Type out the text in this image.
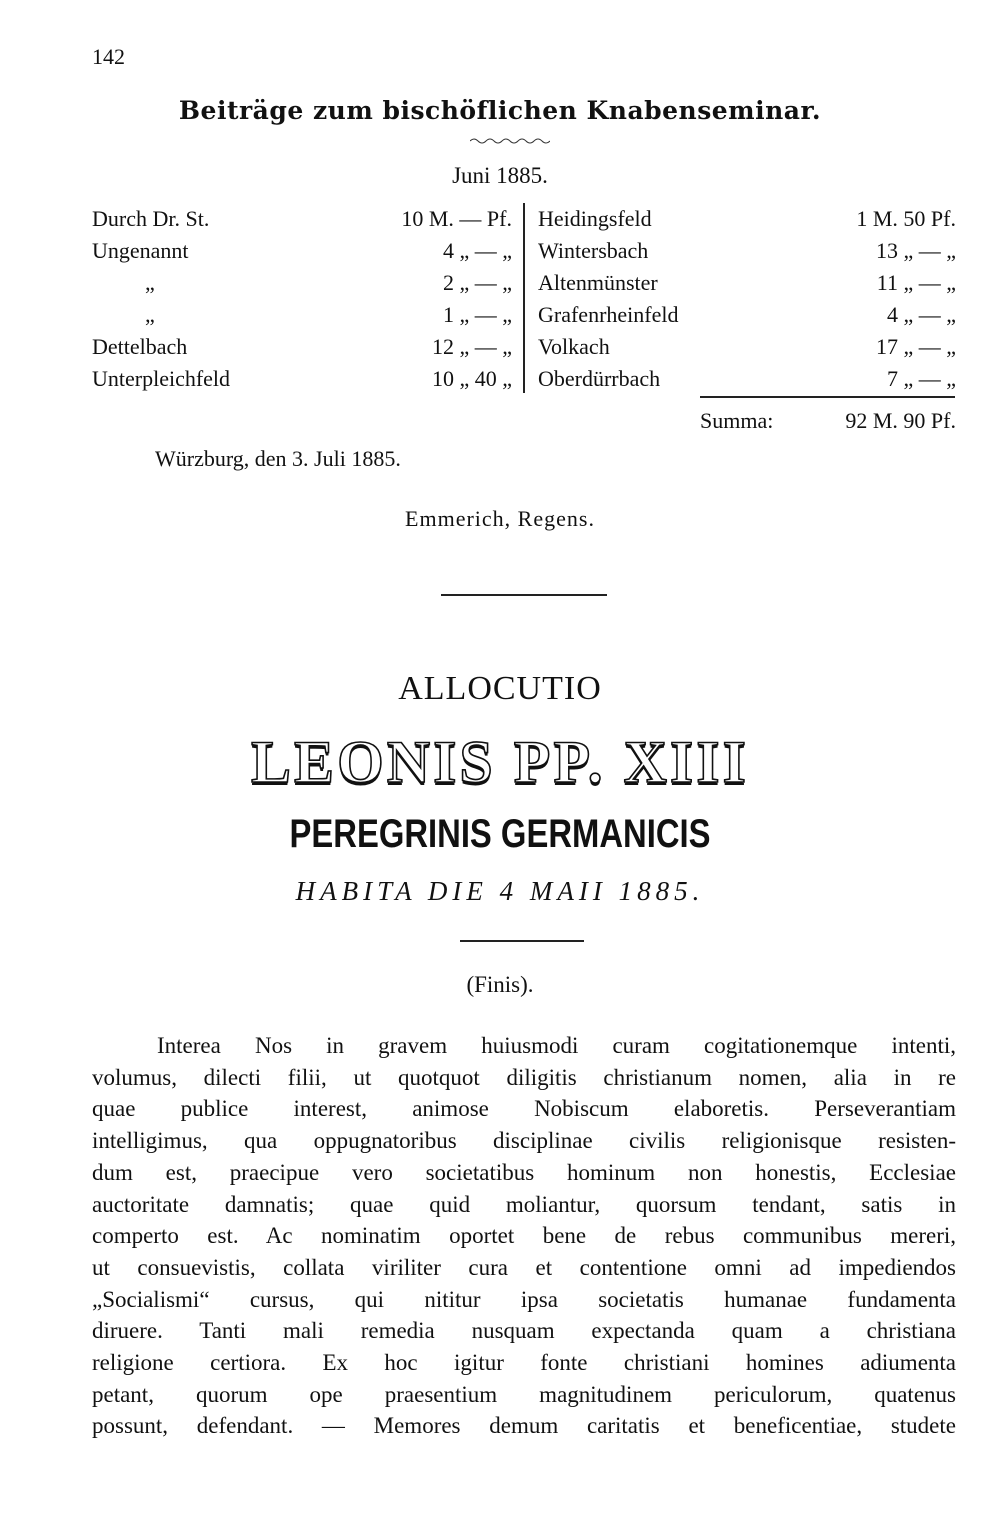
142
Beiträge zum bischöflichen Knabenseminar.
Juni 1885.
Durch Dr. St.	10 M. — Pf.
Ungenannt	4 „ — „
„	2 „ — „
„	1 „ — „
Dettelbach	12 „ — „
Unterpleichfeld	10 „ 40 „
Heidingsfeld	1 M. 50 Pf.
Wintersbach	13 „ — „
Altenmünster	11 „ — „
Grafenrheinfeld	4 „ — „
Volkach	17 „ — „
Oberdürrbach	7 „ — „
Summa:	92 M. 90 Pf.
Würzburg, den 3. Juli 1885.
Emmerich, Regens.
ALLOCUTIO
LEONIS PP. XIII
PEREGRINIS GERMANICIS
HABITA DIE 4 MAII 1885.
(Finis).
Interea Nos in gravem huiusmodi curam cogitationemque intenti,
volumus, dilecti filii, ut quotquot diligitis christianum nomen, alia in re
quae publice interest, animose Nobiscum elaboretis. Perseverantiam
intelligimus, qua oppugnatoribus disciplinae civilis religionisque resisten-
dum est, praecipue vero societatibus hominum non honestis, Ecclesiae
auctoritate damnatis; quae quid moliantur, quorsum tendant, satis in
comperto est. Ac nominatim oportet bene de rebus communibus mereri,
ut consuevistis, collata viriliter cura et contentione omni ad impediendos
„Socialismi“ cursus, qui nititur ipsa societatis humanae fundamenta
diruere. Tanti mali remedia nusquam expectanda quam a christiana
religione certiora. Ex hoc igitur fonte christiani homines adiumenta
petant, quorum ope praesentium magnitudinem periculorum, quatenus
possunt, defendant. — Memores demum caritatis et beneficentiae, studete
